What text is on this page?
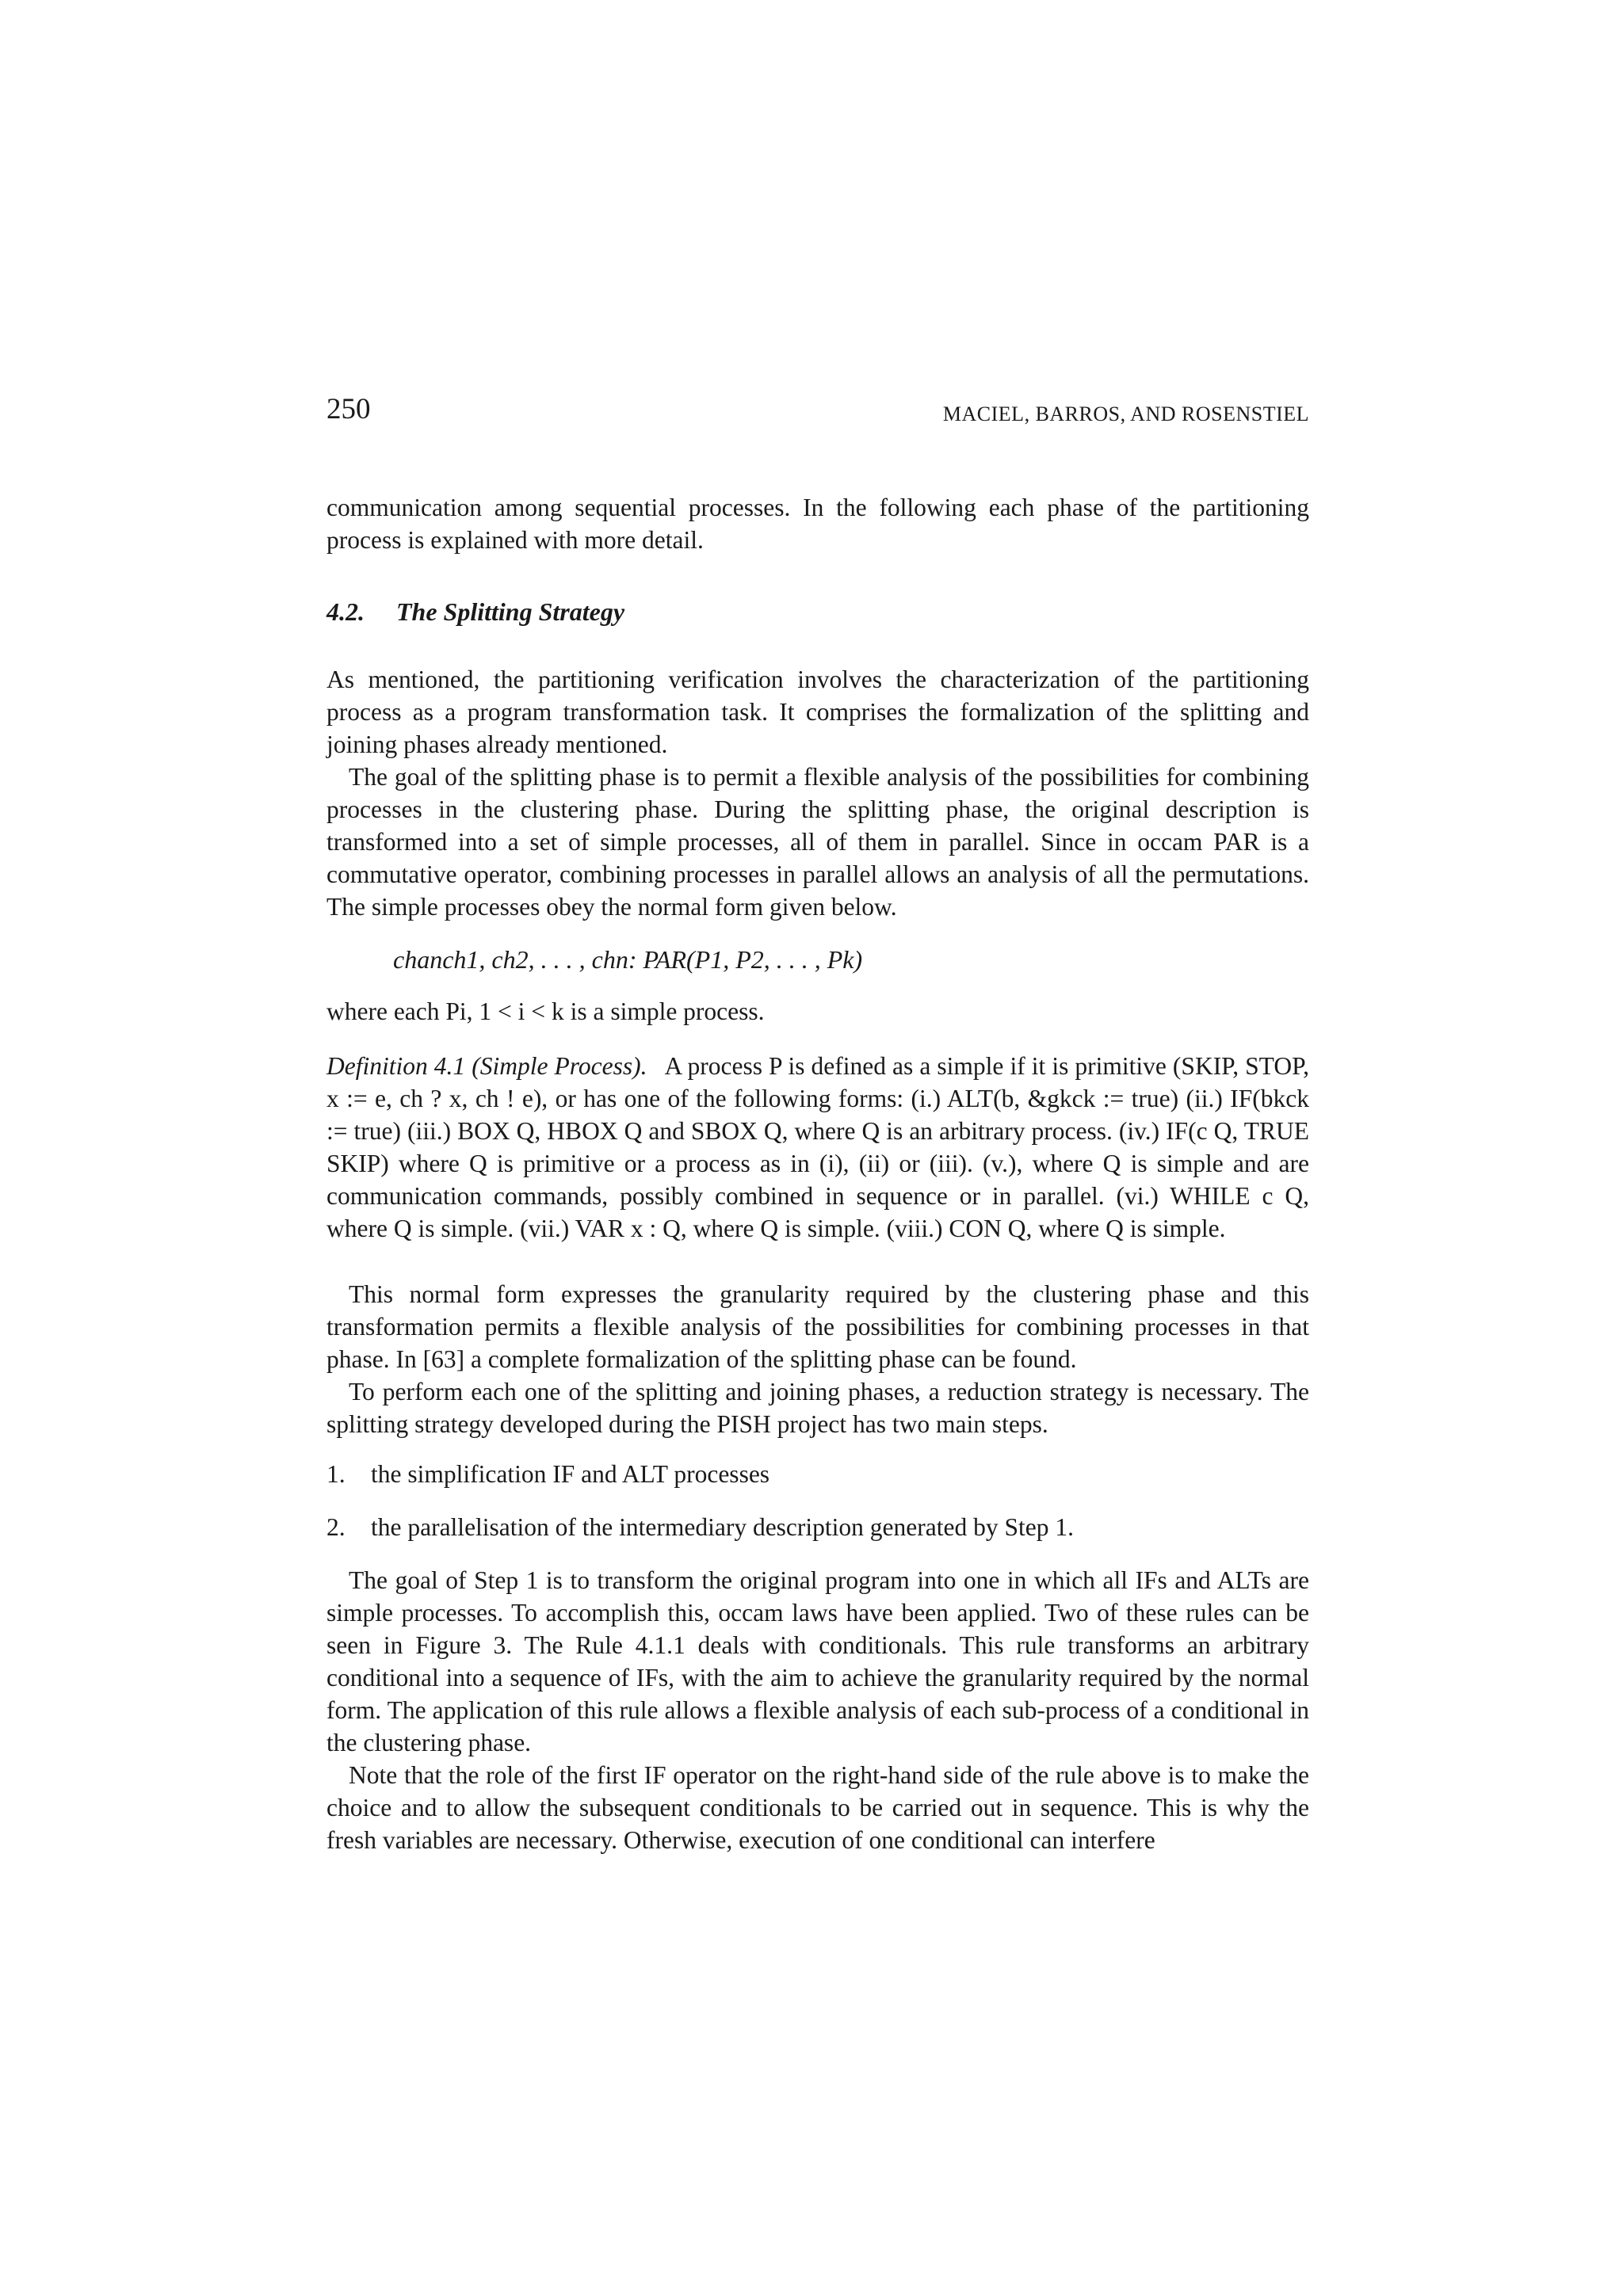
250	MACIEL, BARROS, AND ROSENSTIEL

communication among sequential processes. In the following each phase of the partitioning process is explained with more detail.

4.2. The Splitting Strategy

As mentioned, the partitioning verification involves the characterization of the partitioning process as a program transformation task. It comprises the formalization of the splitting and joining phases already mentioned.

The goal of the splitting phase is to permit a flexible analysis of the possibilities for combining processes in the clustering phase. During the splitting phase, the original description is transformed into a set of simple processes, all of them in parallel. Since in occam PAR is a commutative operator, combining processes in parallel allows an analysis of all the permutations. The simple processes obey the normal form given below.

chanch1, ch2, . . . , chn: PAR(P1, P2, . . . , Pk)

where each Pi, 1 < i < k is a simple process.

Definition 4.1 (Simple Process). A process P is defined as a simple if it is primitive (SKIP, STOP, x := e, ch ? x, ch ! e), or has one of the following forms: (i.) ALT(b, &gkck := true) (ii.) IF(bkck := true) (iii.) BOX Q, HBOX Q and SBOX Q, where Q is an arbitrary process. (iv.) IF(c Q, TRUE SKIP) where Q is primitive or a process as in (i), (ii) or (iii). (v.), where Q is simple and are communication commands, possibly combined in sequence or in parallel. (vi.) WHILE c Q, where Q is simple. (vii.) VAR x : Q, where Q is simple. (viii.) CON Q, where Q is simple.

This normal form expresses the granularity required by the clustering phase and this transformation permits a flexible analysis of the possibilities for combining processes in that phase. In [63] a complete formalization of the splitting phase can be found.

To perform each one of the splitting and joining phases, a reduction strategy is necessary. The splitting strategy developed during the PISH project has two main steps.

1. the simplification IF and ALT processes
2. the parallelisation of the intermediary description generated by Step 1.

The goal of Step 1 is to transform the original program into one in which all IFs and ALTs are simple processes. To accomplish this, occam laws have been applied. Two of these rules can be seen in Figure 3. The Rule 4.1.1 deals with conditionals. This rule transforms an arbitrary conditional into a sequence of IFs, with the aim to achieve the granularity required by the normal form. The application of this rule allows a flexible analysis of each sub-process of a conditional in the clustering phase.

Note that the role of the first IF operator on the right-hand side of the rule above is to make the choice and to allow the subsequent conditionals to be carried out in sequence. This is why the fresh variables are necessary. Otherwise, execution of one conditional can interfere
